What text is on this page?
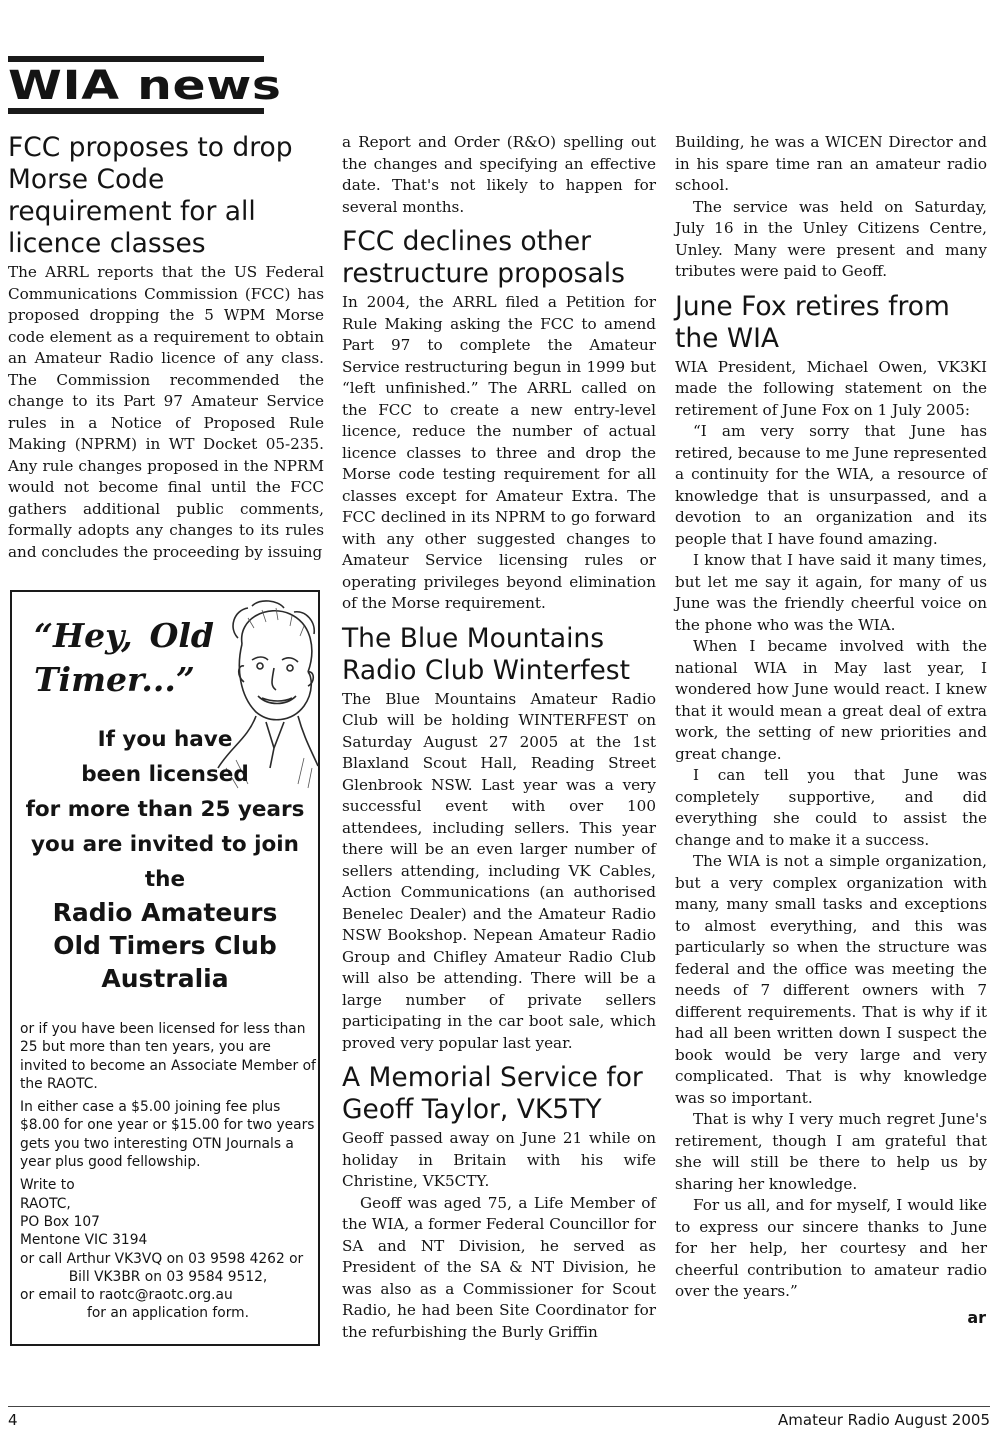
WIA news
FCC proposes to drop Morse Code requirement for all licence classes

The ARRL reports that the US Federal Communications Commission (FCC) has proposed dropping the 5 WPM Morse code element as a requirement to obtain an Amateur Radio licence of any class. The Commission recommended the change to its Part 97 Amateur Service rules in a Notice of Proposed Rule Making (NPRM) in WT Docket 05-235. Any rule changes proposed in the NPRM would not become final until the FCC gathers additional public comments, formally adopts any changes to its rules and concludes the proceeding by issuing

“Hey, Old Timer...”

If you have
been licensed
for more than 25 years
you are invited to join
the

Radio Amateurs
Old Timers Club
Australia

or if you have been licensed for less than 25 but more than ten years, you are invited to become an Associate Member of the RAOTC.

In either case a $5.00 joining fee plus $8.00 for one year or $15.00 for two years gets you two interesting OTN Journals a year plus good fellowship.

Write to

RAOTC,

PO Box 107

Mentone VIC 3194

or call Arthur VK3VQ on 03 9598 4262 or

Bill VK3BR on 03 9584 9512,

or email to raotc@raotc.org.au

for an application form.

a Report and Order (R&O) spelling out the changes and specifying an effective date. That's not likely to happen for several months.

FCC declines other restructure proposals

In 2004, the ARRL filed a Petition for Rule Making asking the FCC to amend Part 97 to complete the Amateur Service restructuring begun in 1999 but “left unfinished.” The ARRL called on the FCC to create a new entry-level licence, reduce the number of actual licence classes to three and drop the Morse code testing requirement for all classes except for Amateur Extra. The FCC declined in its NPRM to go forward with any other suggested changes to Amateur Service licensing rules or operating privileges beyond elimination of the Morse requirement.

The Blue Mountains Radio Club Winterfest

The Blue Mountains Amateur Radio Club will be holding WINTERFEST on Saturday August 27 2005 at the 1st Blaxland Scout Hall, Reading Street Glenbrook NSW. Last year was a very successful event with over 100 attendees, including sellers. This year there will be an even larger number of sellers attending, including VK Cables, Action Communications (an authorised Benelec Dealer) and the Amateur Radio NSW Bookshop. Nepean Amateur Radio Group and Chifley Amateur Radio Club will also be attending. There will be a large number of private sellers participating in the car boot sale, which proved very popular last year.

A Memorial Service for Geoff Taylor, VK5TY

Geoff passed away on June 21 while on holiday in Britain with his wife Christine, VK5CTY.

Geoff was aged 75, a Life Member of the WIA, a former Federal Councillor for SA and NT Division, he served as President of the SA & NT Division, he was also as a Commissioner for Scout Radio, he had been Site Coordinator for the refurbishing the Burly Griffin

Building, he was a WICEN Director and in his spare time ran an amateur radio school.

The service was held on Saturday, July 16 in the Unley Citizens Centre, Unley. Many were present and many tributes were paid to Geoff.

June Fox retires from the WIA

WIA President, Michael Owen, VK3KI made the following statement on the retirement of June Fox on 1 July 2005:

“I am very sorry that June has retired, because to me June represented a continuity for the WIA, a resource of knowledge that is unsurpassed, and a devotion to an organization and its people that I have found amazing.

I know that I have said it many times, but let me say it again, for many of us June was the friendly cheerful voice on the phone who was the WIA.

When I became involved with the national WIA in May last year, I wondered how June would react. I knew that it would mean a great deal of extra work, the setting of new priorities and great change.

I can tell you that June was completely supportive, and did everything she could to assist the change and to make it a success.

The WIA is not a simple organization, but a very complex organization with many, many small tasks and exceptions to almost everything, and this was particularly so when the structure was federal and the office was meeting the needs of 7 different owners with 7 different requirements. That is why if it had all been written down I suspect the book would be very large and very complicated. That is why knowledge was so important.

That is why I very much regret June's retirement, though I am grateful that she will still be there to help us by sharing her knowledge.

For us all, and for myself, I would like to express our sincere thanks to June for her help, her courtesy and her cheerful contribution to amateur radio over the years.”

ar
4	Amateur Radio August 2005
